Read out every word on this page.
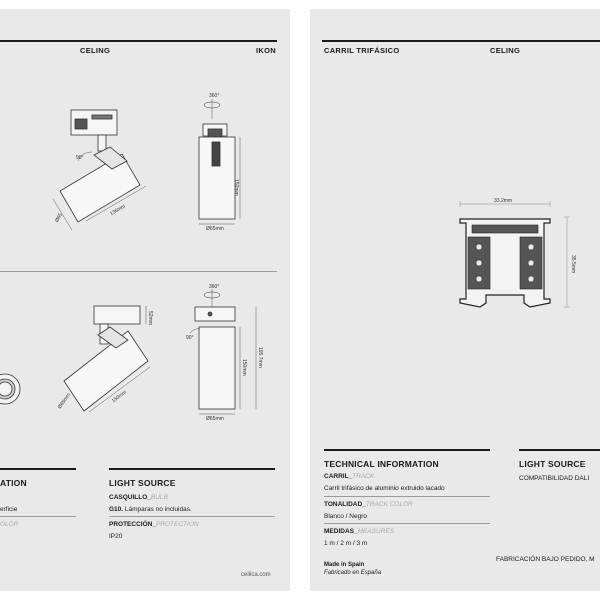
CELING	IKON
360°
90°
Ø65
136mm
150mm
Ø65mm
360°
90°
Ø65mm	150mm
52mm
150mm 195.7mm
Ø65mm
ATION
erficie
OLOR
LIGHT SOURCE
CASQUILLO_BULB
G10. Lámparas no incluidas.
PROTECCIÓN_PROTECTION
IP20
ceilica.com
CARRIL TRIFÁSICO	CELING
33.2mm
35.5mm
TECHNICAL INFORMATION
CARRIL_TRACK
Carril trifásico de aluminio extruido lacado
TONALIDAD_TRACK COLOR
Blanco / Negro
MEDIDAS_MEASURES
1 m / 2 m / 3 m
LIGHT SOURCE
COMPATIBILIDAD DALI
FABRICACIÓN BAJO PEDIDO, M
Made in Spain
Fabricado en España
